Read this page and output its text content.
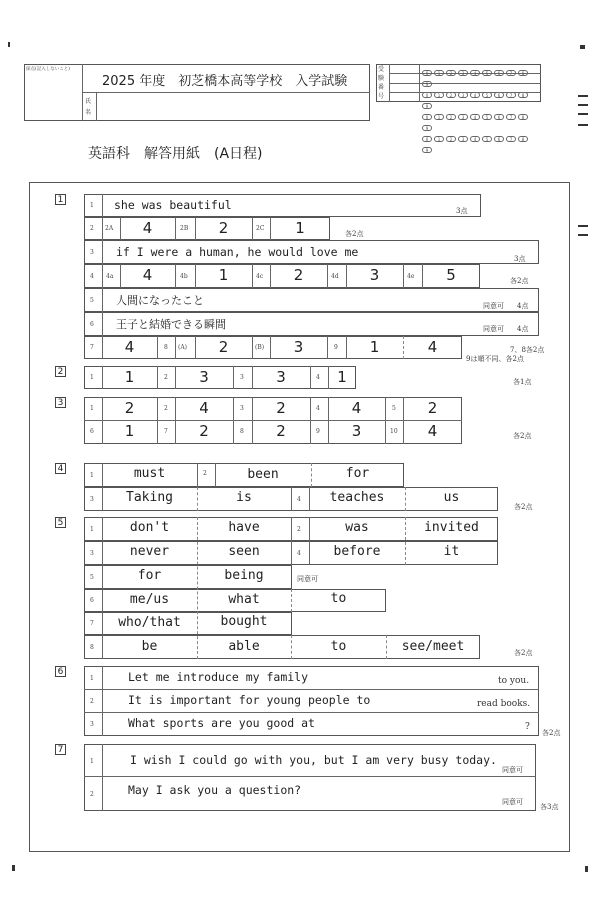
採点(記入しないこと)
2025 年度　初芝橋本高等学校　入学試験
氏名
受験番号
0 1 2 3 4 5 6 7 89
0 1 2 3 4 5 6 7 89
0 1 2 3 4 5 6 7 89
0 1 2 3 4 5 6 7 89
英語科　解答用紙　(A日程)
1
1 she was beautiful	3点
2 2A	4	2B	2	2C	1	各2点
3 if I were a human, he would love me	3点
4 4a	4	4b	1	4c	2	4d	3	4e	5	各2点
5 人間になったこと	同意可 4点
6 王子と結婚できる瞬間	同意可 4点
7	4	8 (A)	2	(B)	3	9	1	4	7、8各2点
9は順不同、各2点
2
1	1	2	3	3	3	4	1	各1点
3
1	2	2	4	3	2	4	4	5	2
6	1	7	2	8	2	9	3	10	4	各2点
4
1	must	2	been	for
3	Taking	is	4	teaches	us
各2点
5
1	don't	have	2	was	invited
3	never	seen	4	before	it
5	for	being	同意可
6	me/us	what	to
7	who/that	bought
8	be	able	to	see/meet	各2点
6
1	Let me introduce my family	to you.
2	It is important for young people to	read books.
3	What sports are you good at	?
各2点
7
1	I wish I could go with you, but I am very busy today.
同意可
2	May I ask you a question?
同意可
各3点
